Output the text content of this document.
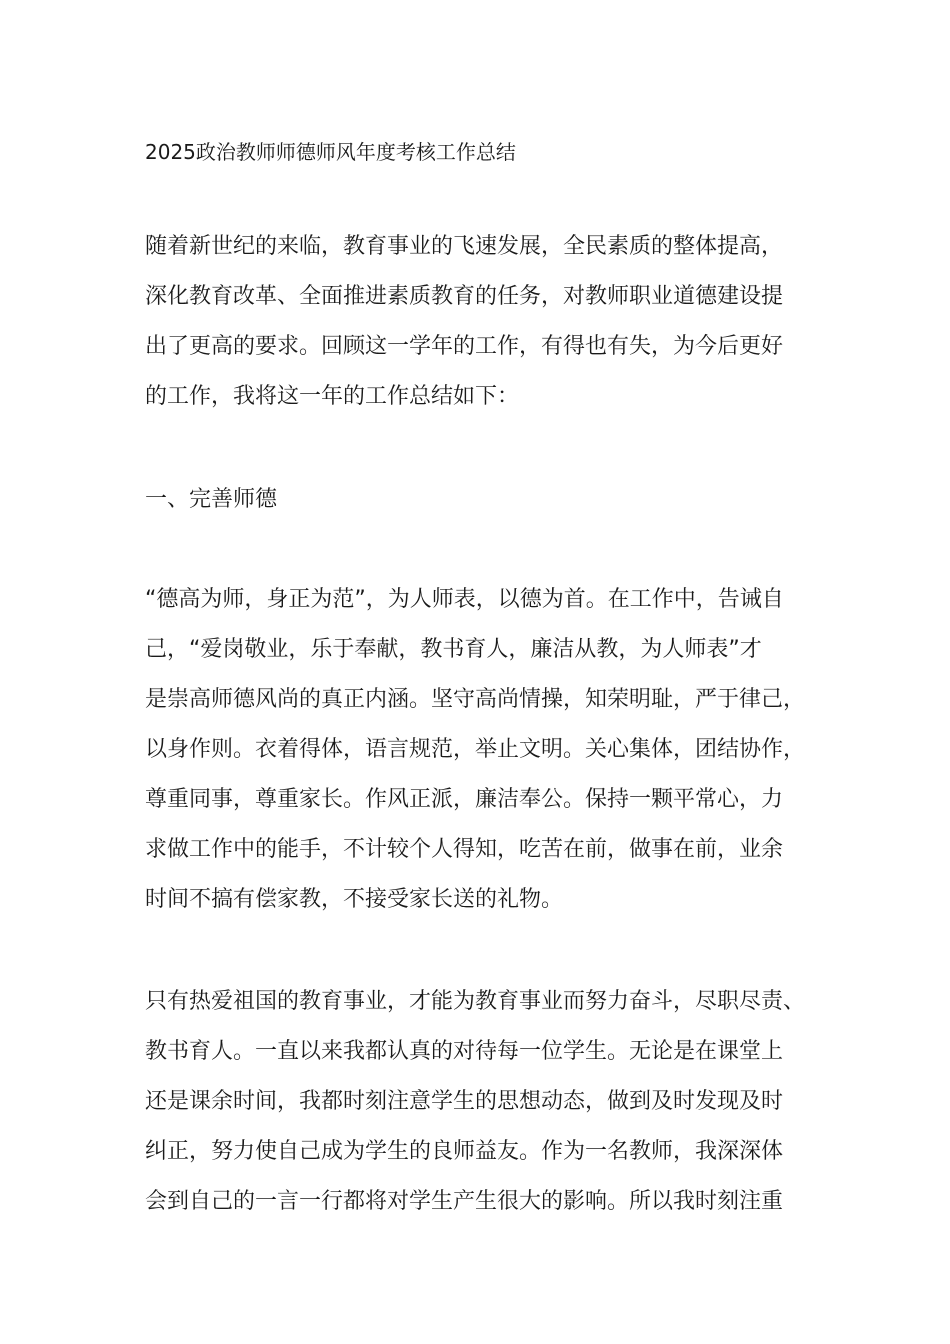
2025政治教师师德师风年度考核工作总结

随着新世纪的来临，教育事业的飞速发展，全民素质的整体提高，
深化教育改革、全面推进素质教育的任务，对教师职业道德建设提
出了更高的要求。回顾这一学年的工作，有得也有失，为今后更好
的工作，我将这一年的工作总结如下：

一、完善师德

“德高为师，身正为范”，为人师表，以德为首。在工作中，告诫自
己，“爱岗敬业，乐于奉献，教书育人，廉洁从教，为人师表”才
是崇高师德风尚的真正内涵。坚守高尚情操，知荣明耻，严于律己，
以身作则。衣着得体，语言规范，举止文明。关心集体，团结协作，
尊重同事，尊重家长。作风正派，廉洁奉公。保持一颗平常心，力
求做工作中的能手，不计较个人得知，吃苦在前，做事在前，业余
时间不搞有偿家教，不接受家长送的礼物。

只有热爱祖国的教育事业，才能为教育事业而努力奋斗，尽职尽责、
教书育人。一直以来我都认真的对待每一位学生。无论是在课堂上
还是课余时间，我都时刻注意学生的思想动态，做到及时发现及时
纠正，努力使自己成为学生的良师益友。作为一名教师，我深深体
会到自己的一言一行都将对学生产生很大的影响。所以我时刻注重
